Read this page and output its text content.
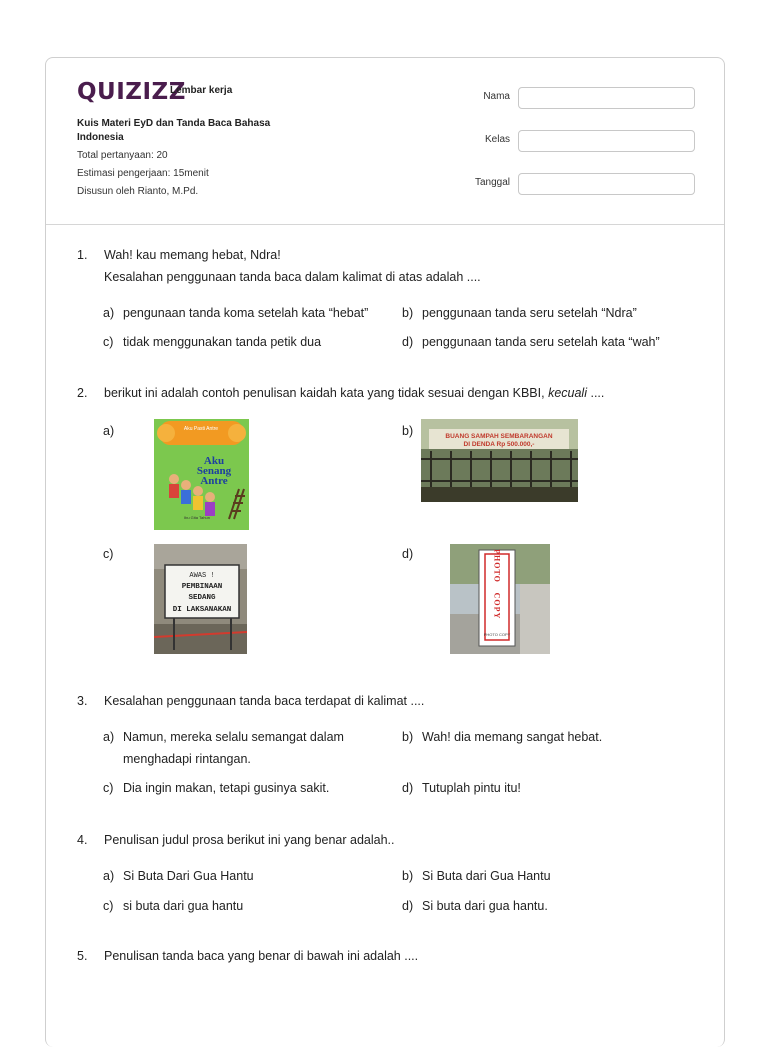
QUIZIZZ
Lembar kerja
Kuis Materi EyD dan Tanda Baca Bahasa Indonesia
Total pertanyaan: 20
Estimasi pengerjaan: 15menit
Disusun oleh Rianto, M.Pd.
Nama
Kelas
Tanggal
1.	Wah! kau memang hebat, Ndra!
Kesalahan penggunaan tanda baca dalam kalimat di atas adalah ....
a) pengunaan tanda koma setelah kata “hebat”	b) penggunaan tanda seru setelah “Ndra”
c) tidak menggunakan tanda petik dua	d) penggunaan tanda seru setelah kata “wah”
2.	berikut ini adalah contoh penulisan kaidah kata yang tidak sesuai dengan KBBI, kecuali ....
a)	Aku Pasti Antre
Aku
Senang
Antre
Ibu Gita Tahun
b)	BUANG SAMPAH SEMBARANGAN
DI DENDA Rp 500.000,-
c)
AWAS !
PEMBINAAN
SEDANG
DI LAKSANAKAN
d)	PHOTO
COPY
PHOTO COPY
3.	Kesalahan penggunaan tanda baca terdapat di kalimat ....
a) Namun, mereka selalu semangat dalam
menghadapi rintangan.
b) Wah! dia memang sangat hebat.
c) Dia ingin makan, tetapi gusinya sakit.	d) Tutuplah pintu itu!
4.	Penulisan judul prosa berikut ini yang benar adalah..
a) Si Buta Dari Gua Hantu	b) Si Buta dari Gua Hantu
c) si buta dari gua hantu	d) Si buta dari gua hantu.
5.	Penulisan tanda baca yang benar di bawah ini adalah ....
